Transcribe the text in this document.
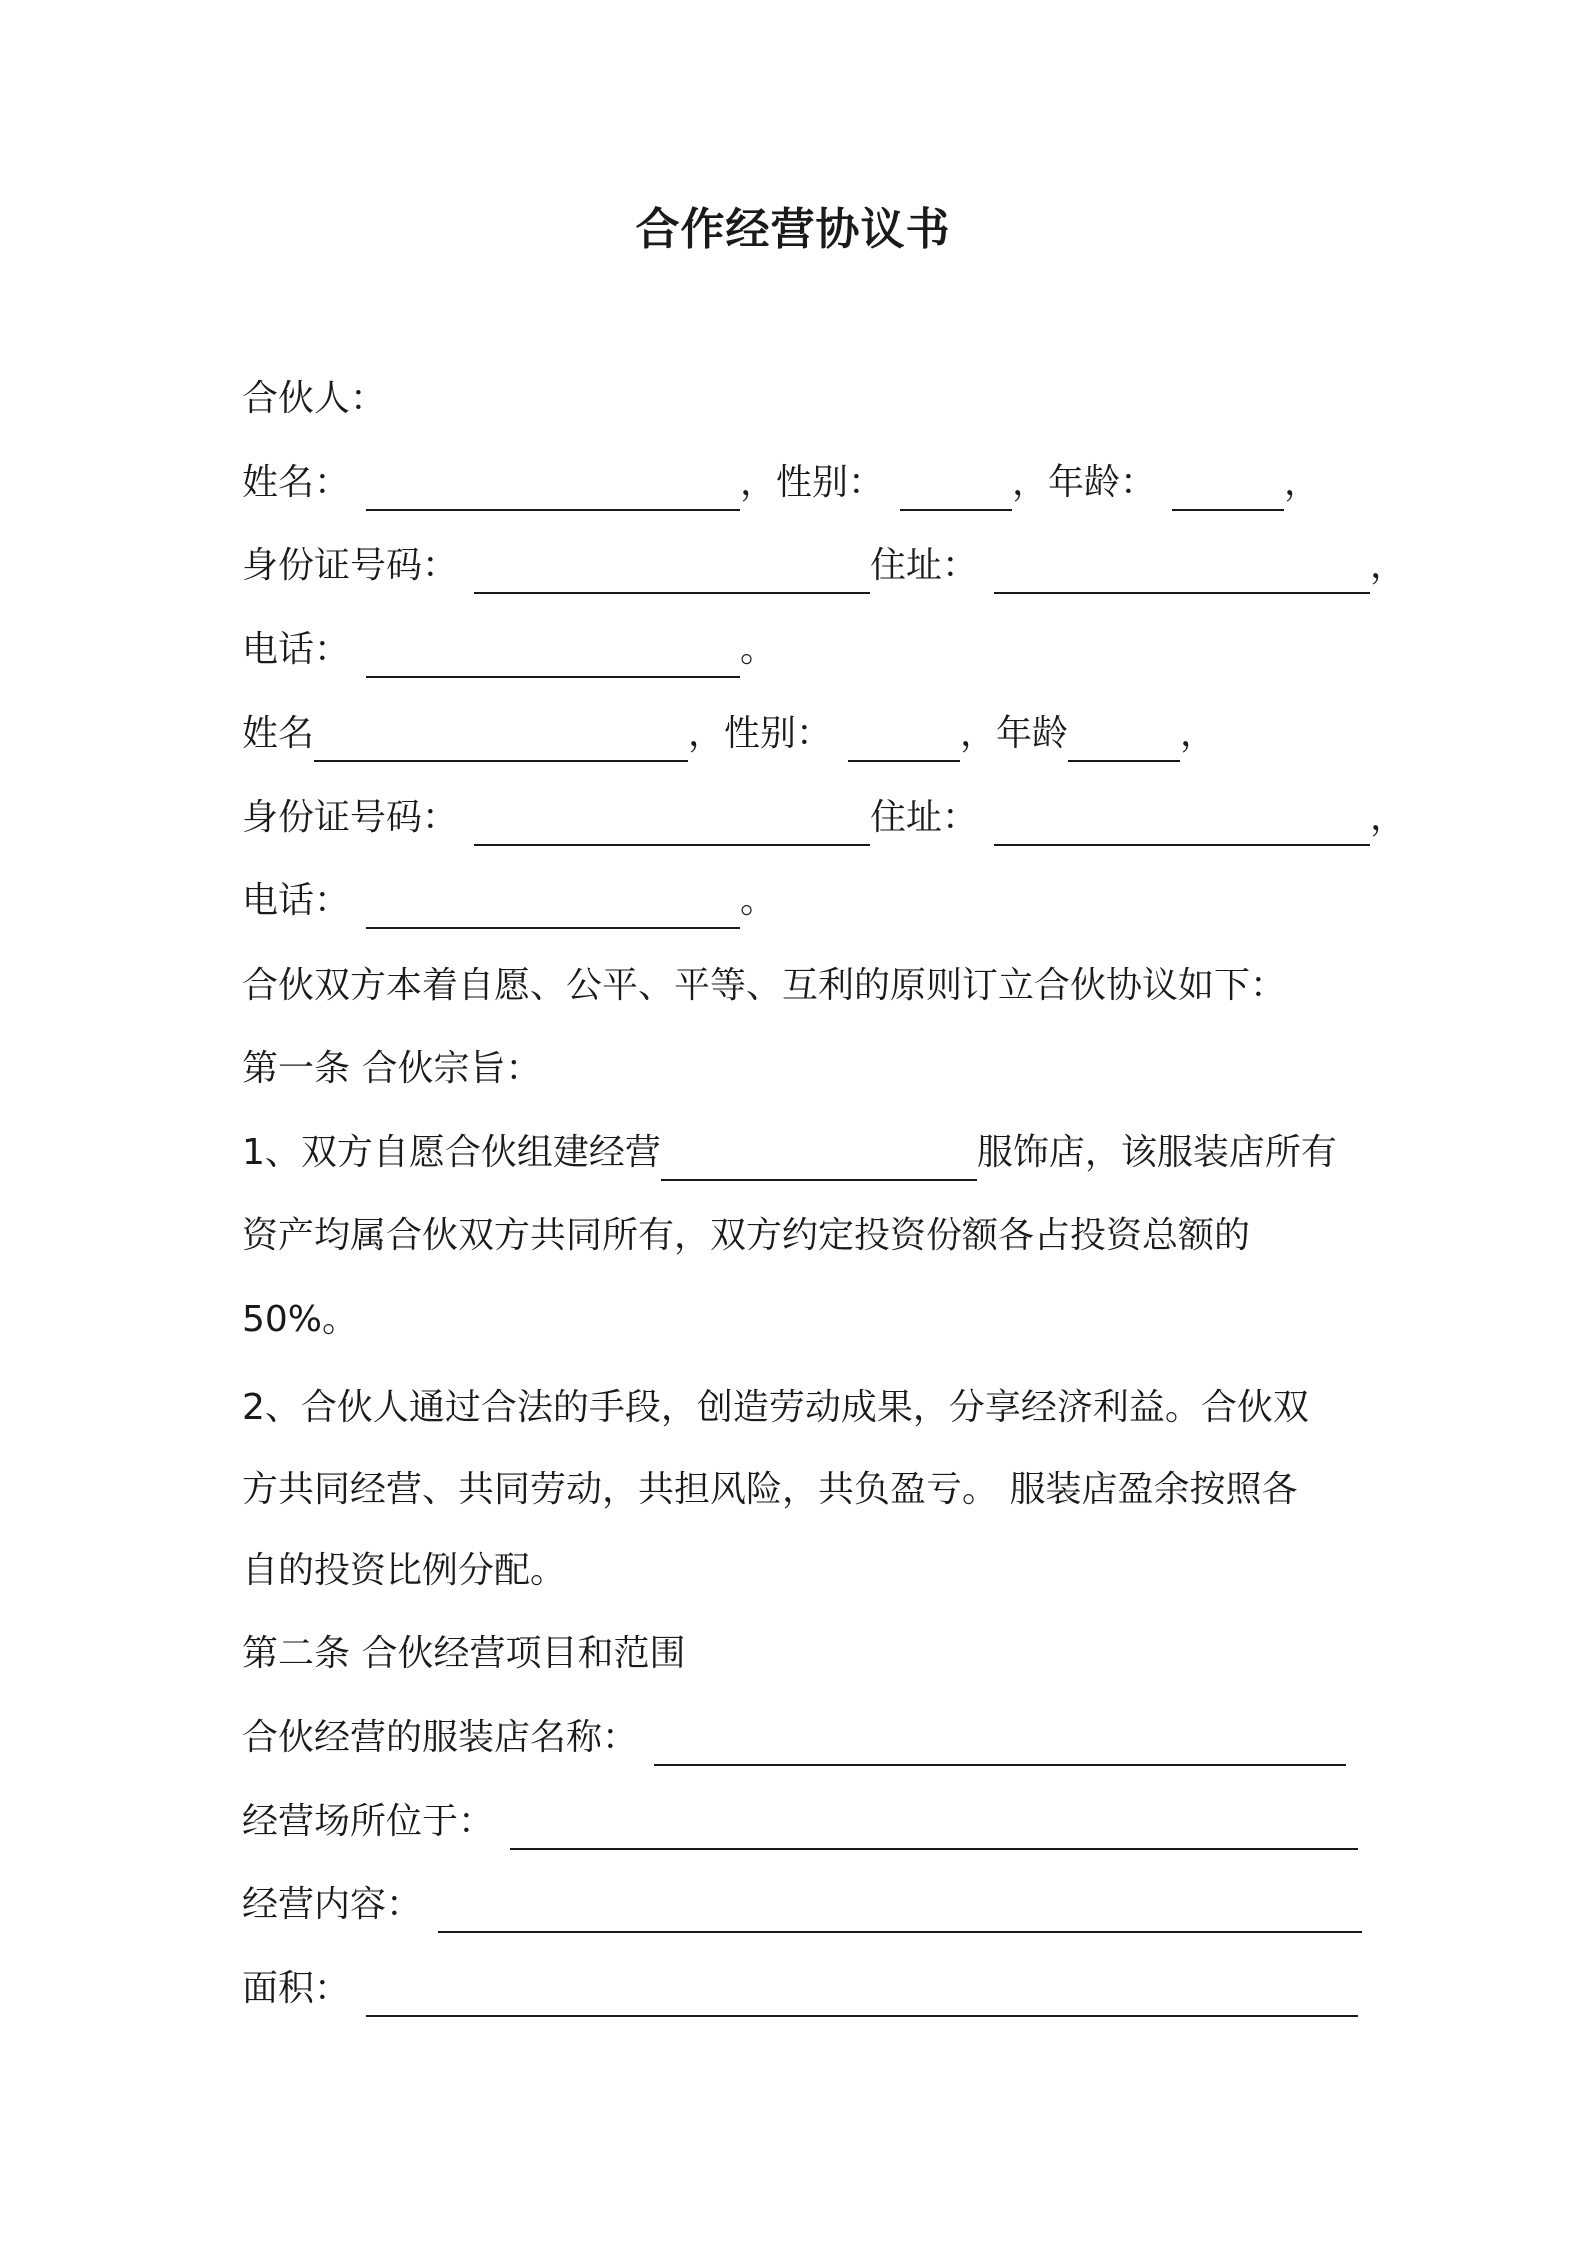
合作经营协议书
合伙人：
姓名：	，性别：	，年龄：	，
身份证号码：	住址：	，
电话：	。
姓名	，性别：	，年龄	，
身份证号码：	住址：	，
电话：	。
合伙双方本着自愿、公平、平等、互利的原则订立合伙协议如下：
第一条 合伙宗旨：
1、双方自愿合伙组建经营	服饰店，该服装店所有
资产均属合伙双方共同所有，双方约定投资份额各占投资总额的
50%。
2、合伙人通过合法的手段，创造劳动成果，分享经济利益。合伙双
方共同经营、共同劳动，共担风险，共负盈亏。 服装店盈余按照各
自的投资比例分配。
第二条 合伙经营项目和范围
合伙经营的服装店名称：
经营场所位于：
经营内容：
面积：
